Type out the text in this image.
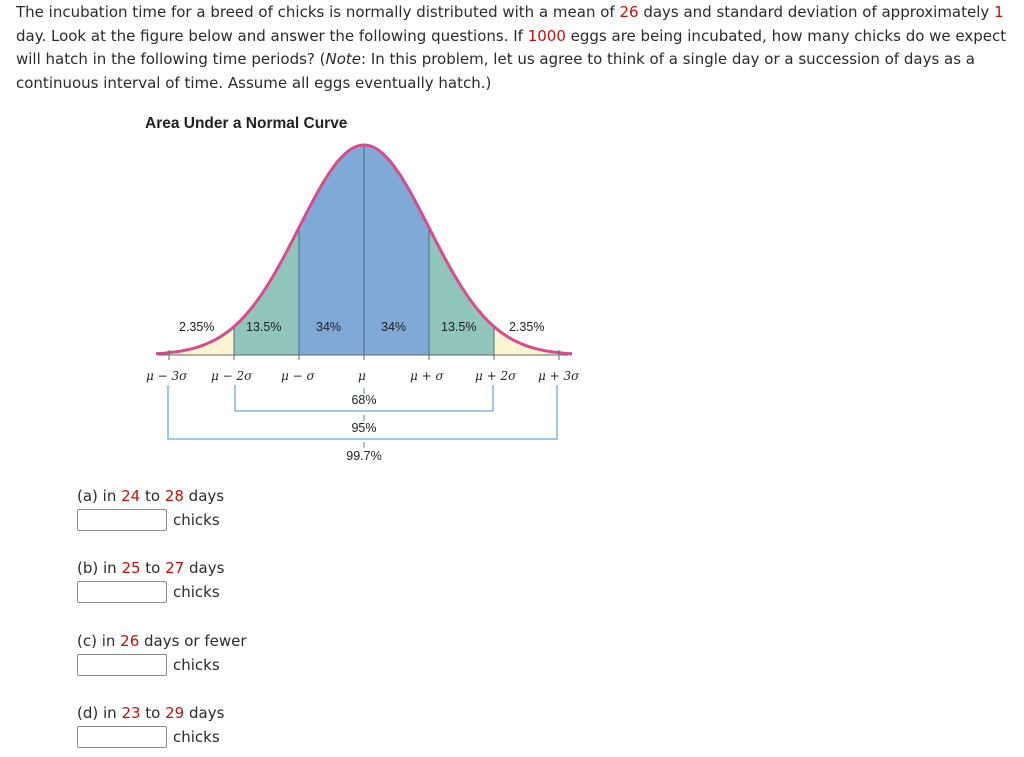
The incubation time for a breed of chicks is normally distributed with a mean of 26 days and standard deviation of approximately 1 day. Look at the figure below and answer the following questions. If 1000 eggs are being incubated, how many chicks do we expect will hatch in the following time periods? (Note: In this problem, let us agree to think of a single day or a succession of days as a continuous interval of time. Assume all eggs eventually hatch.)

Area Under a Normal Curve
2.35%	13.5%	34%	34%	13.5%	2.35%
μ − 3σ μ − 2σ μ − σ	μ	μ + σ	μ + 2σ μ + 3σ
68%
95%
99.7%
(a) in 24 to 28 days
chicks
(b) in 25 to 27 days
chicks
(c) in 26 days or fewer
chicks
(d) in 23 to 29 days
chicks
